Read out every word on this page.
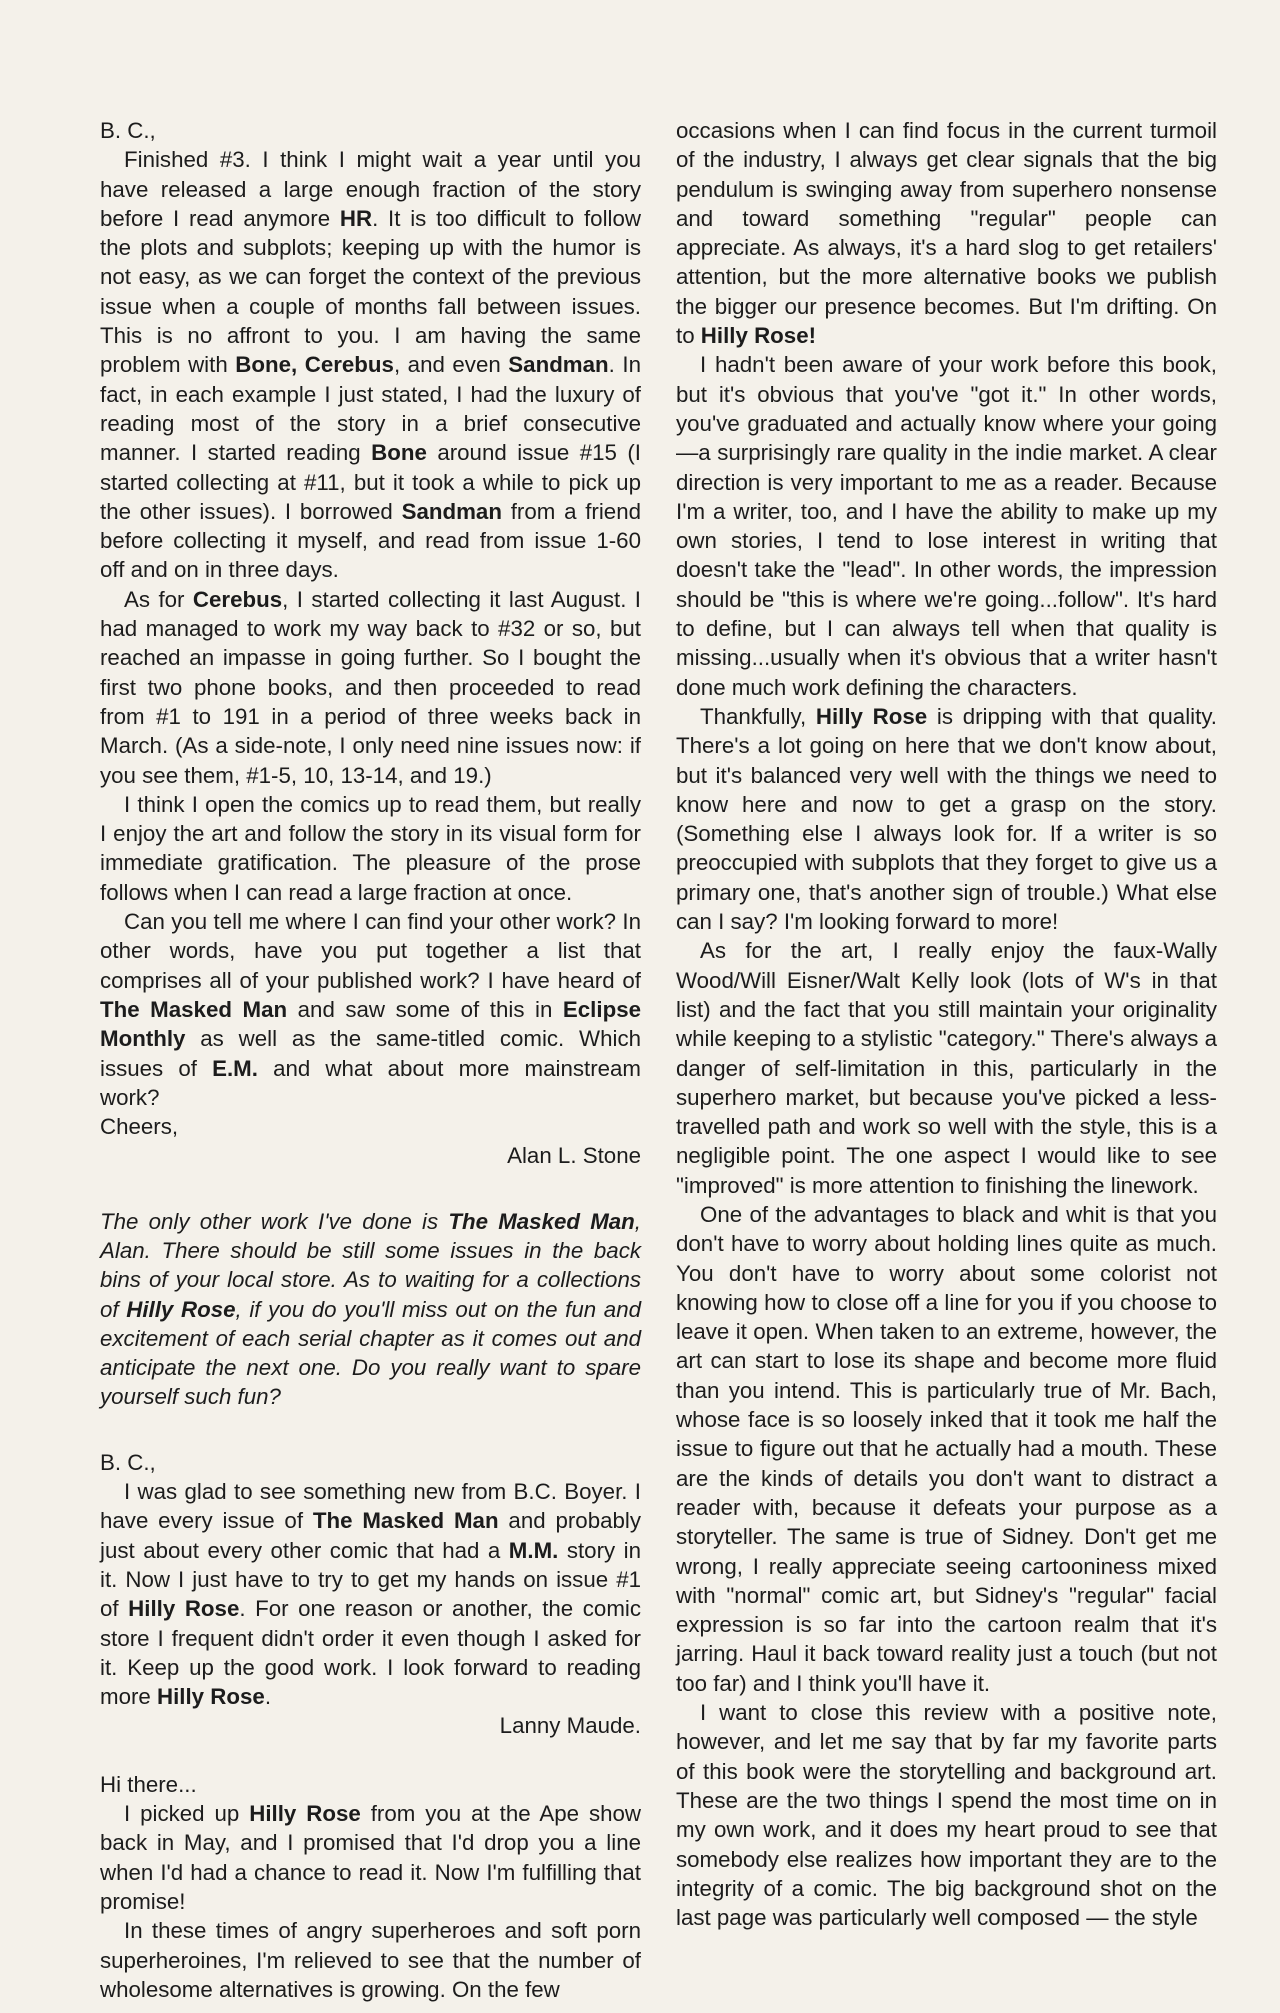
B. C.,

Finished #3. I think I might wait a year until you have released a large enough fraction of the story before I read anymore HR. It is too difficult to follow the plots and subplots; keeping up with the humor is not easy, as we can forget the context of the previous issue when a couple of months fall between issues. This is no affront to you. I am having the same problem with Bone, Cerebus, and even Sandman. In fact, in each example I just stated, I had the luxury of reading most of the story in a brief consecutive manner. I started reading Bone around issue #15 (I started collecting at #11, but it took a while to pick up the other issues). I borrowed Sandman from a friend before collecting it myself, and read from issue 1-60 off and on in three days.

As for Cerebus, I started collecting it last August. I had managed to work my way back to #32 or so, but reached an impasse in going further. So I bought the first two phone books, and then proceeded to read from #1 to 191 in a period of three weeks back in March. (As a side-note, I only need nine issues now: if you see them, #1-5, 10, 13-14, and 19.)

I think I open the comics up to read them, but really I enjoy the art and follow the story in its visual form for immediate gratification. The pleasure of the prose follows when I can read a large fraction at once.

Can you tell me where I can find your other work? In other words, have you put together a list that comprises all of your published work? I have heard of The Masked Man and saw some of this in Eclipse Monthly as well as the same-titled comic. Which issues of E.M. and what about more mainstream work?

Cheers,

Alan L. Stone

The only other work I've done is The Masked Man, Alan. There should be still some issues in the back bins of your local store. As to waiting for a collections of Hilly Rose, if you do you'll miss out on the fun and excitement of each serial chapter as it comes out and anticipate the next one. Do you really want to spare yourself such fun?

B. C.,

I was glad to see something new from B.C. Boyer. I have every issue of The Masked Man and probably just about every other comic that had a M.M. story in it. Now I just have to try to get my hands on issue #1 of Hilly Rose. For one reason or another, the comic store I frequent didn't order it even though I asked for it. Keep up the good work. I look forward to reading more Hilly Rose.

Lanny Maude.

Hi there...

I picked up Hilly Rose from you at the Ape show back in May, and I promised that I'd drop you a line when I'd had a chance to read it. Now I'm fulfilling that promise!

In these times of angry superheroes and soft porn superheroines, I'm relieved to see that the number of wholesome alternatives is growing. On the few

occasions when I can find focus in the current turmoil of the industry, I always get clear signals that the big pendulum is swinging away from superhero nonsense and toward something "regular" people can appreciate. As always, it's a hard slog to get retailers' attention, but the more alternative books we publish the bigger our presence becomes. But I'm drifting. On to Hilly Rose!

I hadn't been aware of your work before this book, but it's obvious that you've "got it." In other words, you've graduated and actually know where your going —a surprisingly rare quality in the indie market. A clear direction is very important to me as a reader. Because I'm a writer, too, and I have the ability to make up my own stories, I tend to lose interest in writing that doesn't take the "lead". In other words, the impression should be "this is where we're going...follow". It's hard to define, but I can always tell when that quality is missing...usually when it's obvious that a writer hasn't done much work defining the characters.

Thankfully, Hilly Rose is dripping with that quality. There's a lot going on here that we don't know about, but it's balanced very well with the things we need to know here and now to get a grasp on the story. (Something else I always look for. If a writer is so preoccupied with subplots that they forget to give us a primary one, that's another sign of trouble.) What else can I say? I'm looking forward to more!

As for the art, I really enjoy the faux-Wally Wood/Will Eisner/Walt Kelly look (lots of W's in that list) and the fact that you still maintain your originality while keeping to a stylistic "category." There's always a danger of self-limitation in this, particularly in the superhero market, but because you've picked a less-travelled path and work so well with the style, this is a negligible point. The one aspect I would like to see "improved" is more attention to finishing the linework.

One of the advantages to black and whit is that you don't have to worry about holding lines quite as much. You don't have to worry about some colorist not knowing how to close off a line for you if you choose to leave it open. When taken to an extreme, however, the art can start to lose its shape and become more fluid than you intend. This is particularly true of Mr. Bach, whose face is so loosely inked that it took me half the issue to figure out that he actually had a mouth. These are the kinds of details you don't want to distract a reader with, because it defeats your purpose as a storyteller. The same is true of Sidney. Don't get me wrong, I really appreciate seeing cartooniness mixed with "normal" comic art, but Sidney's "regular" facial expression is so far into the cartoon realm that it's jarring. Haul it back toward reality just a touch (but not too far) and I think you'll have it.

I want to close this review with a positive note, however, and let me say that by far my favorite parts of this book were the storytelling and background art. These are the two things I spend the most time on in my own work, and it does my heart proud to see that somebody else realizes how important they are to the integrity of a comic. The big background shot on the last page was particularly well composed — the style
